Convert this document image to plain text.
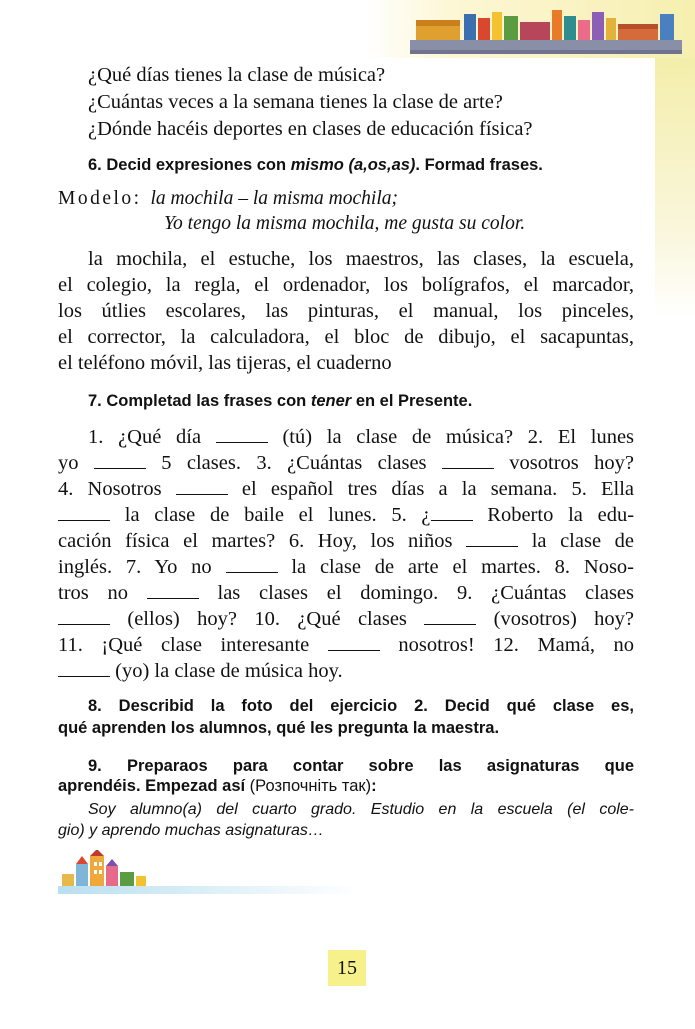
¿Qué días tienes la clase de música?
¿Cuántas veces a la semana tienes la clase de arte?
¿Dónde hacéis deportes en clases de educación física?
6. Decid expresiones con mismo (a,os,as). Formad frases.
Modelo: la mochila – la misma mochila;
Yo tengo la misma mochila, me gusta su color.
la mochila, el estuche, los maestros, las clases, la escuela,
el colegio, la regla, el ordenador, los bolígrafos, el marcador,
los útlies escolares, las pinturas, el manual, los pinceles,
el corrector, la calculadora, el bloc de dibujo, el sacapuntas,
el teléfono móvil, las tijeras, el cuaderno
7. Completad las frases con tener en el Presente.
1. ¿Qué día	(tú) la clase de música? 2. El lunes
yo	5 clases. 3. ¿Cuántas clases	vosotros hoy?
4. Nosotros	el español tres días a la semana. 5. Ella
la clase de baile el lunes. 5. ¿	Roberto la edu-
cación física el martes? 6. Hoy, los niños	la clase de
inglés. 7. Yo no	la clase de arte el martes. 8. Noso-
tros no	las clases el domingo. 9. ¿Cuántas clases
(ellos) hoy? 10. ¿Qué clases	(vosotros) hoy?
11. ¡Qué clase interesante	nosotros! 12. Mamá, no
(yo) la clase de música hoy.
8. Describid la foto del ejercicio 2. Decid qué clase es,
qué aprenden los alumnos, qué les pregunta la maestra.
9. Preparaos para contar sobre las asignaturas que
aprendéis. Empezad así (Розпочніть так):
Soy alumno(a) del cuarto grado. Estudio en la escuela (el cole-
gio) y aprendo muchas asignaturas…
15
